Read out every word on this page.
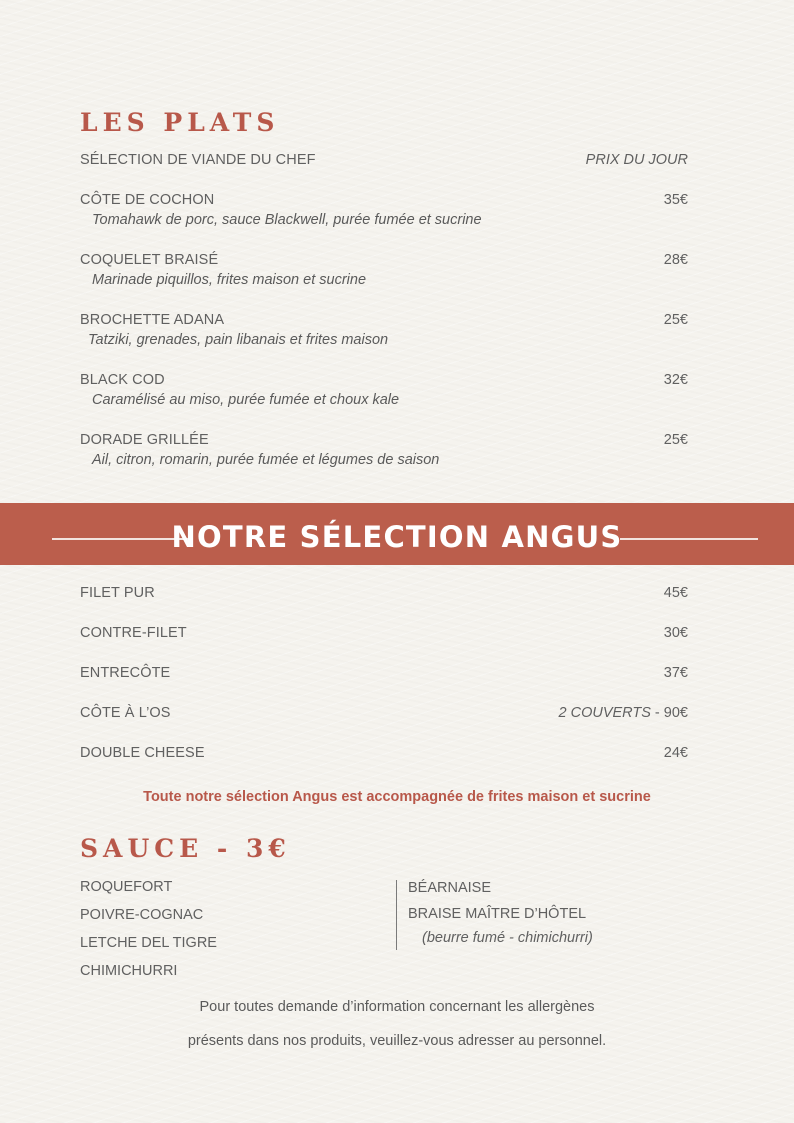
LES PLATS
SÉLECTION DE VIANDE DU CHEF	PRIX DU JOUR
CÔTE DE COCHON	35€
Tomahawk de porc, sauce Blackwell, purée fumée et sucrine
COQUELET BRAISÉ	28€
Marinade piquillos, frites maison et sucrine
BROCHETTE ADANA	25€
Tatziki, grenades, pain libanais et frites maison
BLACK COD	32€
Caramélisé au miso, purée fumée et choux kale
DORADE GRILLÉE	25€
Ail, citron, romarin, purée fumée et légumes de saison
NOTRE SÉLECTION ANGUS
FILET PUR	45€
CONTRE-FILET	30€
ENTRECÔTE	37€
CÔTE À L’OS	2 COUVERTS - 90€
DOUBLE CHEESE	24€
Toute notre sélection Angus est accompagnée de frites maison et sucrine
SAUCE - 3€
ROQUEFORT
POIVRE-COGNAC
LETCHE DEL TIGRE
CHIMICHURRI
BÉARNAISE
BRAISE MAÎTRE D’HÔTEL
(beurre fumé - chimichurri)
Pour toutes demande d’information concernant les allergènes
présents dans nos produits, veuillez-vous adresser au personnel.
